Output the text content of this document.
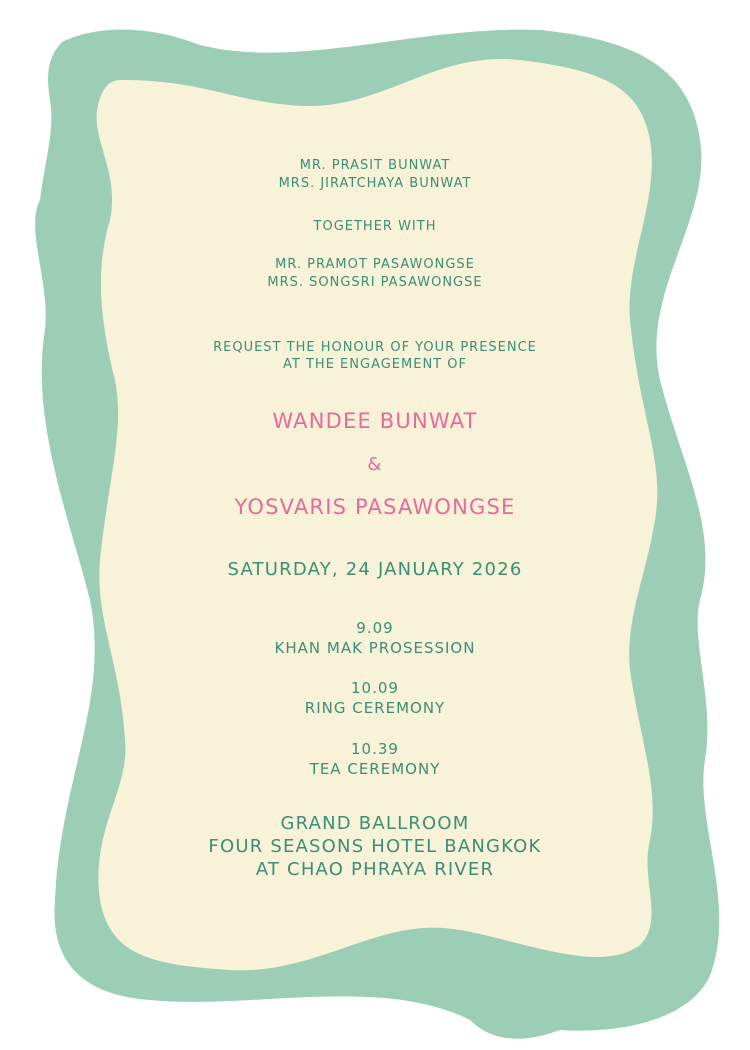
MR. PRASIT BUNWAT
MRS. JIRATCHAYA BUNWAT
TOGETHER WITH
MR. PRAMOT PASAWONGSE
MRS. SONGSRI PASAWONGSE
REQUEST THE HONOUR OF YOUR PRESENCE
AT THE ENGAGEMENT OF
WANDEE BUNWAT
&
YOSVARIS PASAWONGSE
SATURDAY, 24 JANUARY 2026
9.09
KHAN MAK PROSESSION
10.09
RING CEREMONY
10.39
TEA CEREMONY
GRAND BALLROOM
FOUR SEASONS HOTEL BANGKOK
AT CHAO PHRAYA RIVER
